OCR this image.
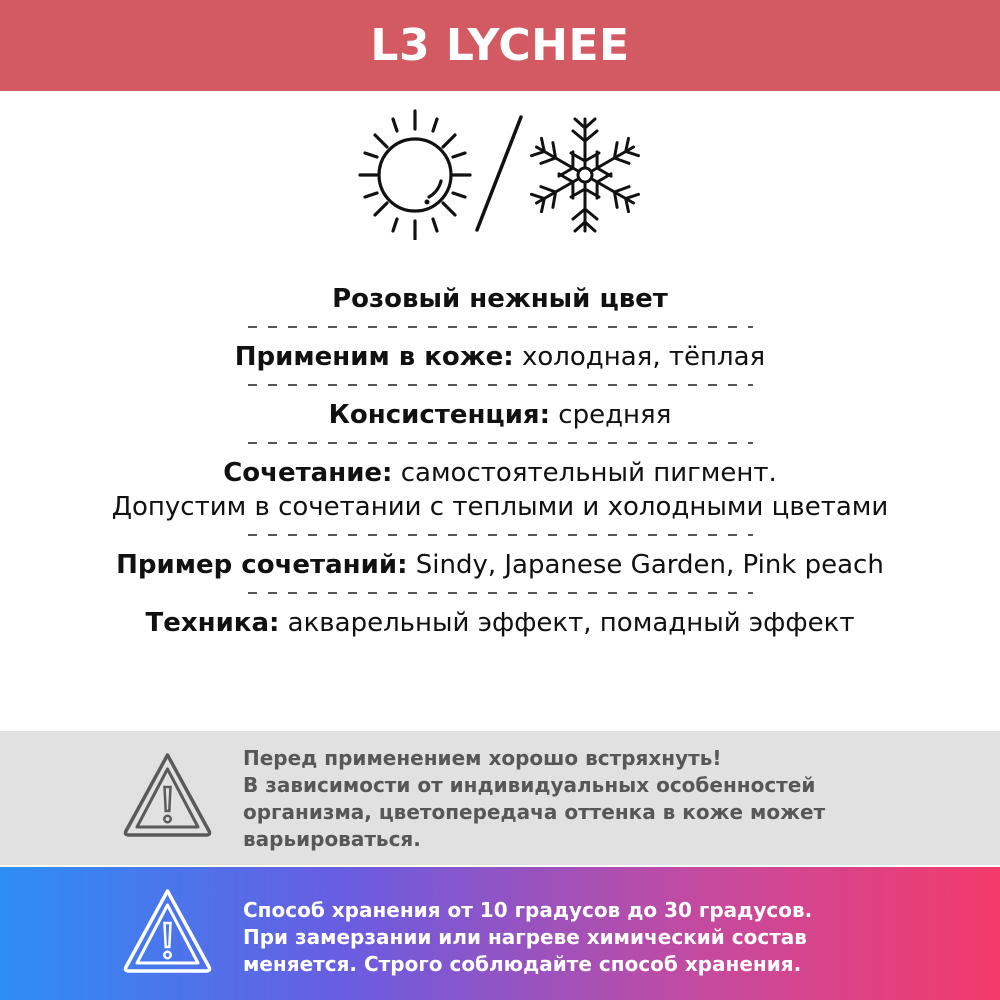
L3 LYCHEE
Розовый нежный цвет
Применим в коже: холодная, тёплая
Консистенция: средняя
Сочетание: самостоятельный пигмент.
Допустим в сочетании с теплыми и холодными цветами
Пример сочетаний: Sindy, Japanese Garden, Pink peach
Техника: акварельный эффект, помадный эффект
Перед применением хорошо встряхнуть!
В зависимости от индивидуальных особенностей
организма, цветопередача оттенка в коже может
варьироваться.
Способ хранения от 10 градусов до 30 градусов.
При замерзании или нагреве химический состав
меняется. Строго соблюдайте способ хранения.
